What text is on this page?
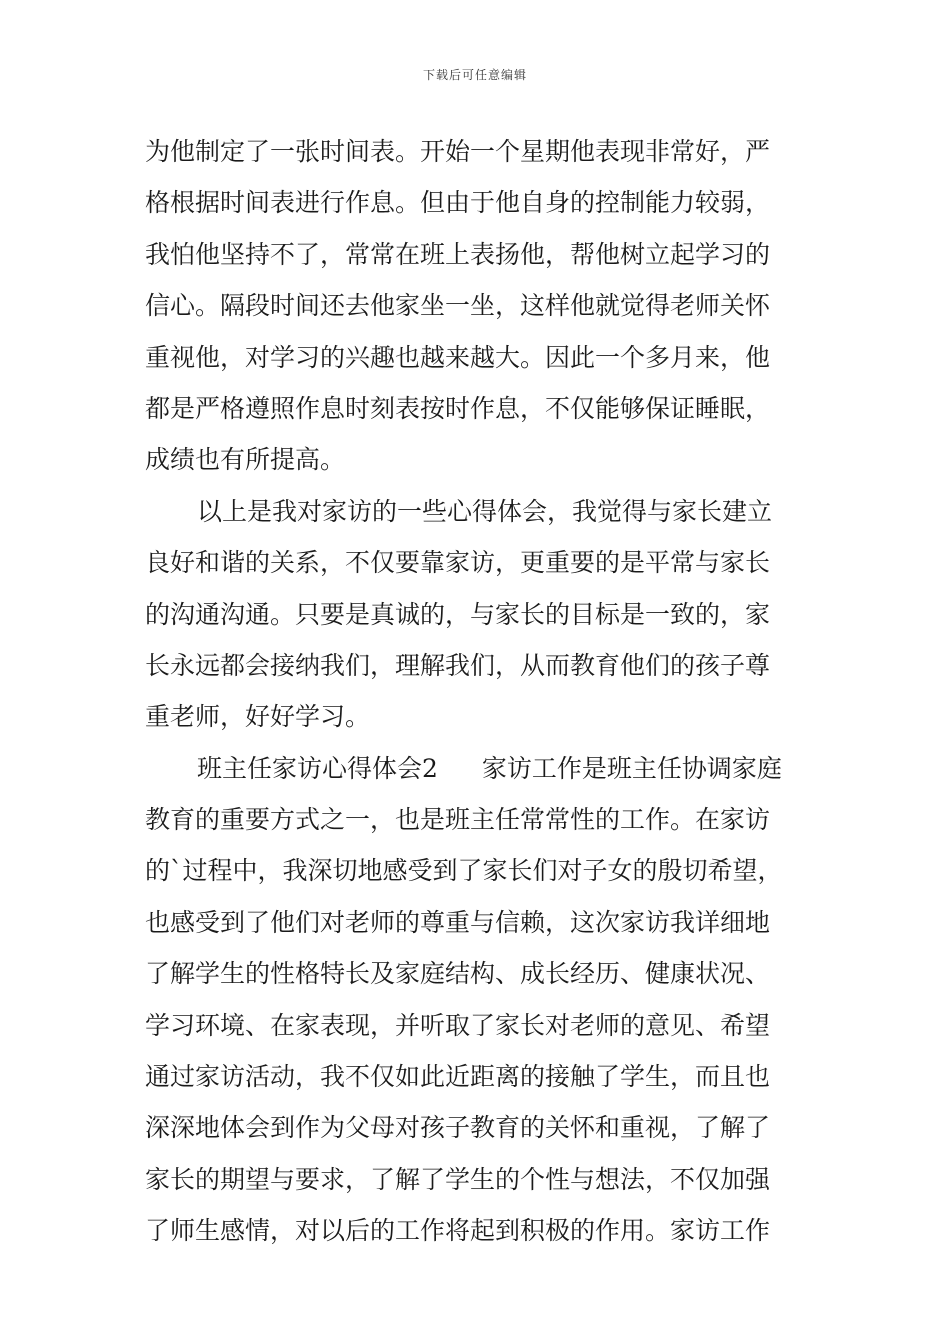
下载后可任意编辑
为他制定了一张时间表。开始一个星期他表现非常好，严
格根据时间表进行作息。但由于他自身的控制能力较弱，
我怕他坚持不了，常常在班上表扬他，帮他树立起学习的
信心。隔段时间还去他家坐一坐，这样他就觉得老师关怀
重视他，对学习的兴趣也越来越大。因此一个多月来，他
都是严格遵照作息时刻表按时作息，不仅能够保证睡眠，
成绩也有所提高。
以上是我对家访的一些心得体会，我觉得与家长建立
良好和谐的关系，不仅要靠家访，更重要的是平常与家长
的沟通沟通。只要是真诚的，与家长的目标是一致的，家
长永远都会接纳我们，理解我们，从而教育他们的孩子尊
重老师，好好学习。
班主任家访心得体会2 家访工作是班主任协调家庭
教育的重要方式之一，也是班主任常常性的工作。在家访
的`过程中，我深切地感受到了家长们对子女的殷切希望，
也感受到了他们对老师的尊重与信赖，这次家访我详细地
了解学生的性格特长及家庭结构、成长经历、健康状况、
学习环境、在家表现，并听取了家长对老师的意见、希望
通过家访活动，我不仅如此近距离的接触了学生，而且也
深深地体会到作为父母对孩子教育的关怀和重视，了解了
家长的期望与要求，了解了学生的个性与想法，不仅加强
了师生感情，对以后的工作将起到积极的作用。家访工作
